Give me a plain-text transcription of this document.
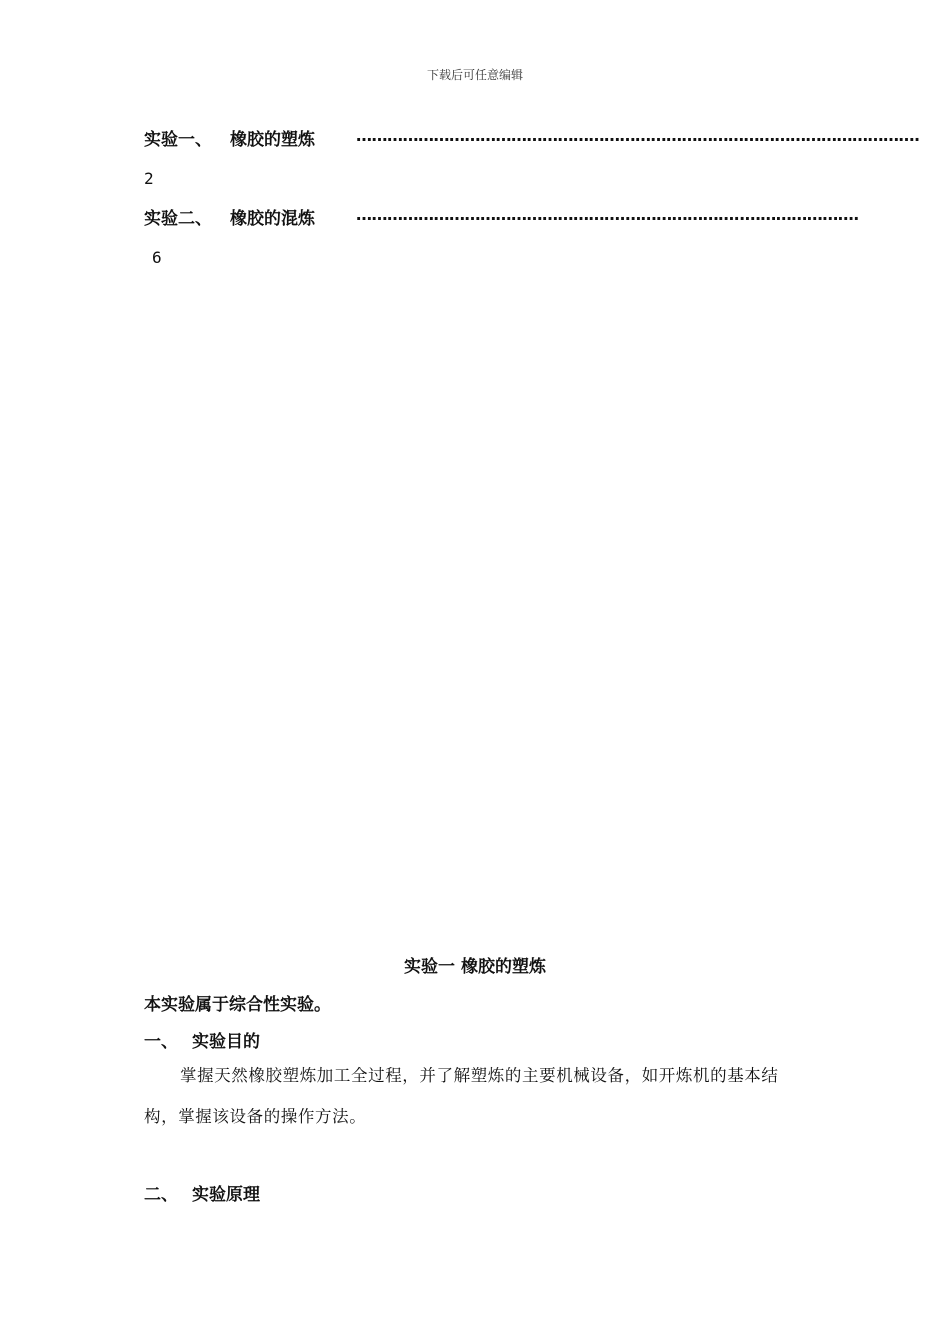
下载后可任意编辑
实验一、 橡胶的塑炼	……………………………………………………………………………………………….
2
实验二、 橡胶的混炼	…………………………………………….…………………..………………….
6
实验一 橡胶的塑炼
本实验属于综合性实验。
一、 实验目的
掌握天然橡胶塑炼加工全过程，并了解塑炼的主要机械设备，如开炼机的基本结构，掌握该设备的操作方法。
二、 实验原理
